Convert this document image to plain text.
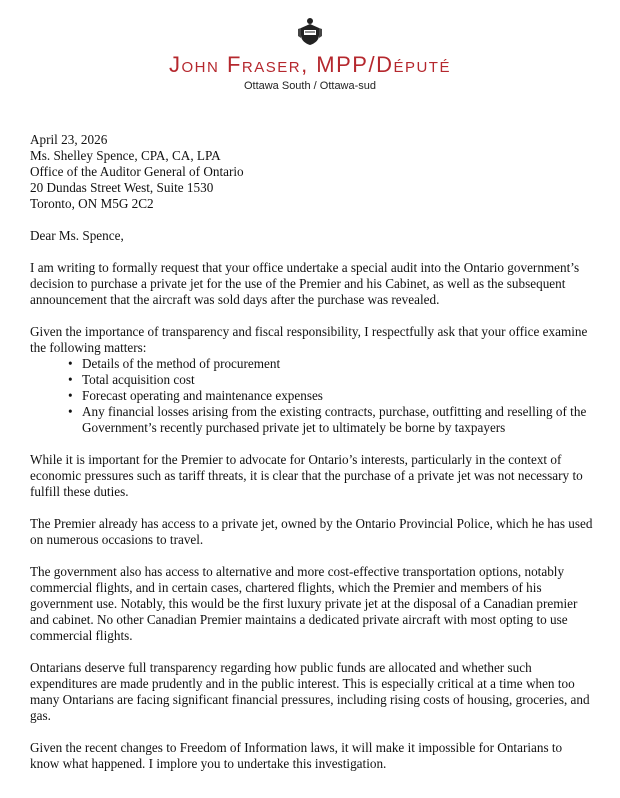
John Fraser, MPP/Député
Ottawa South / Ottawa-sud
April 23, 2026
Ms. Shelley Spence, CPA, CA, LPA
Office of the Auditor General of Ontario
20 Dundas Street West, Suite 1530
Toronto, ON M5G 2C2

Dear Ms. Spence,

I am writing to formally request that your office undertake a special audit into the Ontario government’s decision to purchase a private jet for the use of the Premier and his Cabinet, as well as the subsequent announcement that the aircraft was sold days after the purchase was revealed.

Given the importance of transparency and fiscal responsibility, I respectfully ask that your office examine the following matters:

• Details of the method of procurement
• Total acquisition cost
• Forecast operating and maintenance expenses
• Any financial losses arising from the existing contracts, purchase, outfitting and reselling of the Government’s recently purchased private jet to ultimately be borne by taxpayers

While it is important for the Premier to advocate for Ontario’s interests, particularly in the context of economic pressures such as tariff threats, it is clear that the purchase of a private jet was not necessary to fulfill these duties.

The Premier already has access to a private jet, owned by the Ontario Provincial Police, which he has used on numerous occasions to travel.

The government also has access to alternative and more cost-effective transportation options, notably commercial flights, and in certain cases, chartered flights, which the Premier and members of his government use. Notably, this would be the first luxury private jet at the disposal of a Canadian premier and cabinet. No other Canadian Premier maintains a dedicated private aircraft with most opting to use commercial flights.

Ontarians deserve full transparency regarding how public funds are allocated and whether such expenditures are made prudently and in the public interest. This is especially critical at a time when too many Ontarians are facing significant financial pressures, including rising costs of housing, groceries, and gas.

Given the recent changes to Freedom of Information laws, it will make it impossible for Ontarians to know what happened. I implore you to undertake this investigation.
